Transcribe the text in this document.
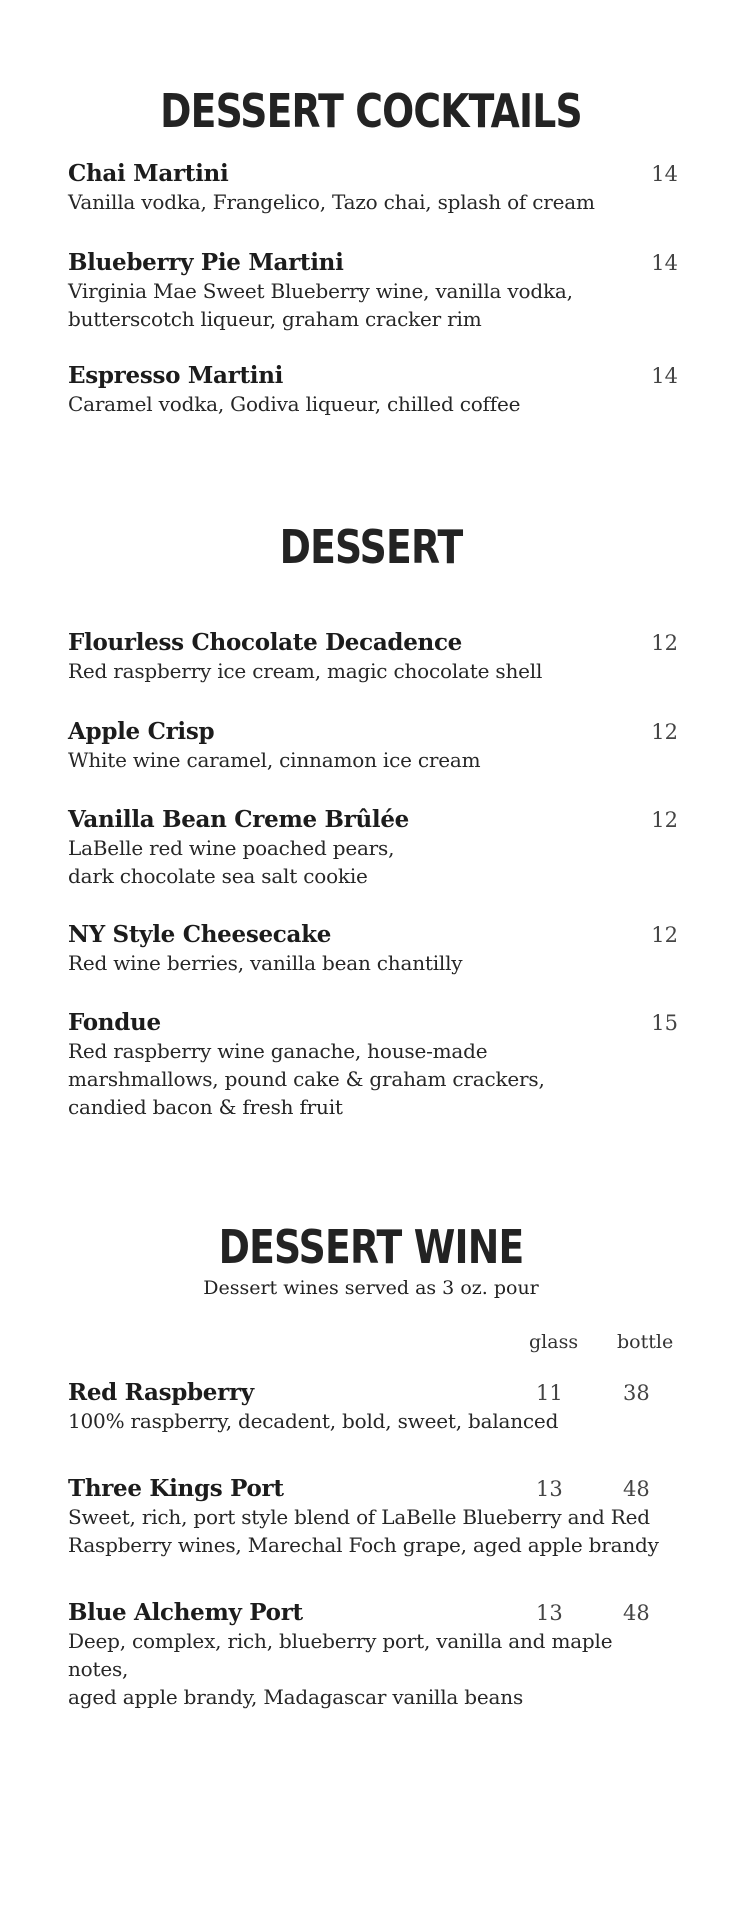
DESSERT COCKTAILS
Chai Martini
Vanilla vodka, Frangelico, Tazo chai, splash of cream
14
Blueberry Pie Martini
Virginia Mae Sweet Blueberry wine, vanilla vodka,
butterscotch liqueur, graham cracker rim
14
Espresso Martini
Caramel vodka, Godiva liqueur, chilled coffee
14
DESSERT
Flourless Chocolate Decadence
Red raspberry ice cream, magic chocolate shell
12
Apple Crisp
White wine caramel, cinnamon ice cream
12
Vanilla Bean Creme Brûlée
LaBelle red wine poached pears,
dark chocolate sea salt cookie
12
NY Style Cheesecake
Red wine berries, vanilla bean chantilly
12
Fondue
Red raspberry wine ganache, house-made
marshmallows, pound cake & graham crackers,
candied bacon & fresh fruit
15
DESSERT WINE
Dessert wines served as 3 oz. pour
glass bottle
Red Raspberry
100% raspberry, decadent, bold, sweet, balanced
11	38
Three Kings Port
Sweet, rich, port style blend of LaBelle Blueberry and Red
Raspberry wines, Marechal Foch grape, aged apple brandy
13	48
Blue Alchemy Port
Deep, complex, rich, blueberry port, vanilla and maple notes,
aged apple brandy, Madagascar vanilla beans
13	48
